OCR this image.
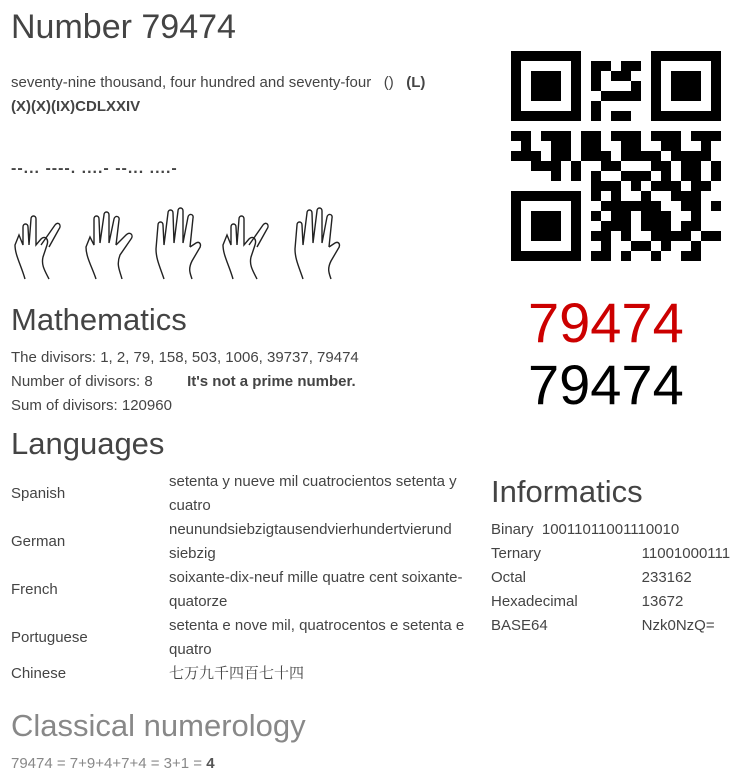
Number 79474
seventy-nine thousand, four hundred and seventy-four () (L)
(X)(X)(IX)CDLXXIV
--... ----. ....- --... ....-

79474
79474
Mathematics
The divisors: 1, 2, 79, 158, 503, 1006, 39737, 79474
Number of divisors: 8 It's not a prime number.
Sum of divisors: 120960
Languages
Spanish	setenta y nueve mil cuatrocientos setenta y cuatro
German	neunundsiebzigtausendvierhundertvierund siebzig
French	soixante-dix-neuf mille quatre cent soixante-quatorze
Portuguese	setenta e nove mil, quatrocentos e setenta e quatro
Chinese	七万九千四百七十四
Informatics
Binary 10011011001110010	
Ternary	11001000111
Octal	233162
Hexadecimal	13672
BASE64	Nzk0NzQ=
Classical numerology
79474 = 7+9+4+7+4 = 3+1 = 4
